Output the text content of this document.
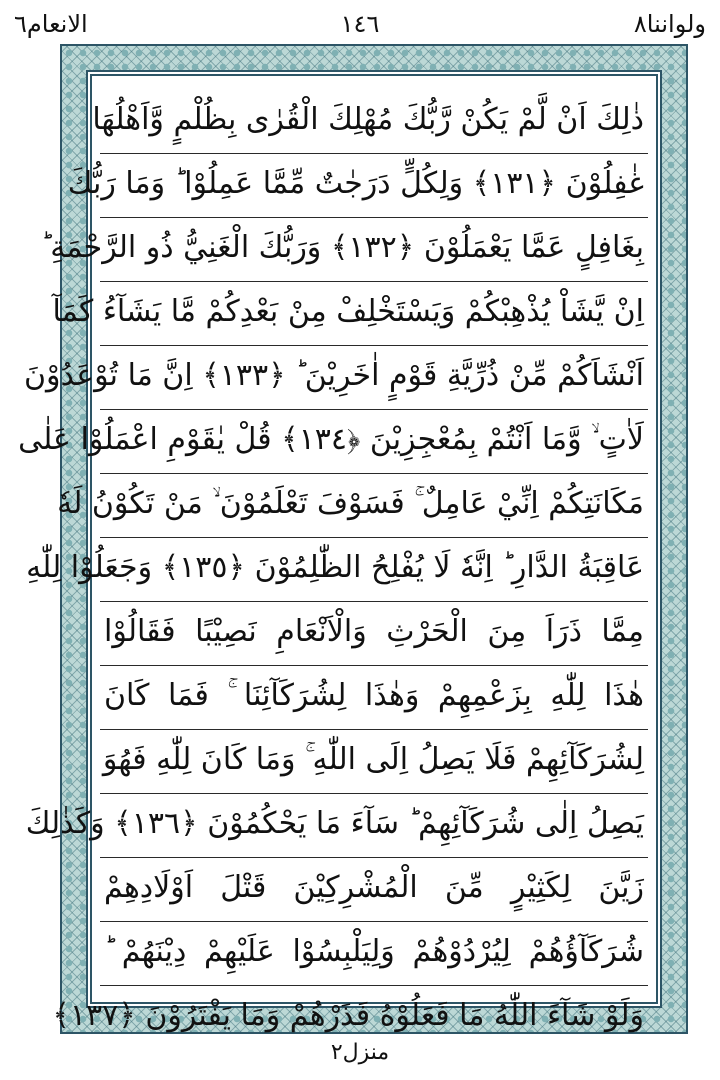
الانعام٦	١٤٦	ولواننا٨
ذٰلِكَ اَنْ لَّمْ يَكُنْ رَّبُّكَ مُهْلِكَ الْقُرٰى بِظُلْمٍ وَّاَهْلُهَا
غٰفِلُوْنَ ﴿١٣١﴾ وَلِكُلٍّ دَرَجٰتٌ مِّمَّا عَمِلُوْا ؕ وَمَا رَبُّكَ
بِغَافِلٍ عَمَّا يَعْمَلُوْنَ ﴿١٣٢﴾ وَرَبُّكَ الْغَنِيُّ ذُو الرَّحْمَةِ ؕ
اِنْ يَّشَاْ يُذْهِبْكُمْ وَيَسْتَخْلِفْ مِنْ بَعْدِكُمْ مَّا يَشَآءُ كَمَآ
اَنْشَاَكُمْ مِّنْ ذُرِّيَّةِ قَوْمٍ اٰخَرِيْنَ ؕ ﴿١٣٣﴾ اِنَّ مَا تُوْعَدُوْنَ
لَاٰتٍ ۙ وَّمَا اَنْتُمْ بِمُعْجِزِيْنَ ﴿١٣٤﴾ قُلْ يٰقَوْمِ اعْمَلُوْا عَلٰى
مَكَانَتِكُمْ اِنِّيْ عَامِلٌ ۚ فَسَوْفَ تَعْلَمُوْنَ ۙ مَنْ تَكُوْنُ لَهٗ
عَاقِبَةُ الدَّارِ ؕ اِنَّهٗ لَا يُفْلِحُ الظّٰلِمُوْنَ ﴿١٣٥﴾ وَجَعَلُوْا لِلّٰهِ
مِمَّا ذَرَاَ مِنَ الْحَرْثِ وَالْاَنْعَامِ نَصِيْبًا فَقَالُوْا
هٰذَا لِلّٰهِ بِزَعْمِهِمْ وَهٰذَا لِشُرَكَآئِنَا ۚ فَمَا كَانَ
لِشُرَكَآئِهِمْ فَلَا يَصِلُ اِلَى اللّٰهِ ۚ وَمَا كَانَ لِلّٰهِ فَهُوَ
يَصِلُ اِلٰى شُرَكَآئِهِمْ ؕ سَآءَ مَا يَحْكُمُوْنَ ﴿١٣٦﴾ وَكَذٰلِكَ
زَيَّنَ لِكَثِيْرٍ مِّنَ الْمُشْرِكِيْنَ قَتْلَ اَوْلَادِهِمْ
شُرَكَآؤُهُمْ لِيُرْدُوْهُمْ وَلِيَلْبِسُوْا عَلَيْهِمْ دِيْنَهُمْ ؕ
وَلَوْ شَآءَ اللّٰهُ مَا فَعَلُوْهُ فَذَرْهُمْ وَمَا يَفْتَرُوْنَ ﴿١٣٧﴾
منزل٢
